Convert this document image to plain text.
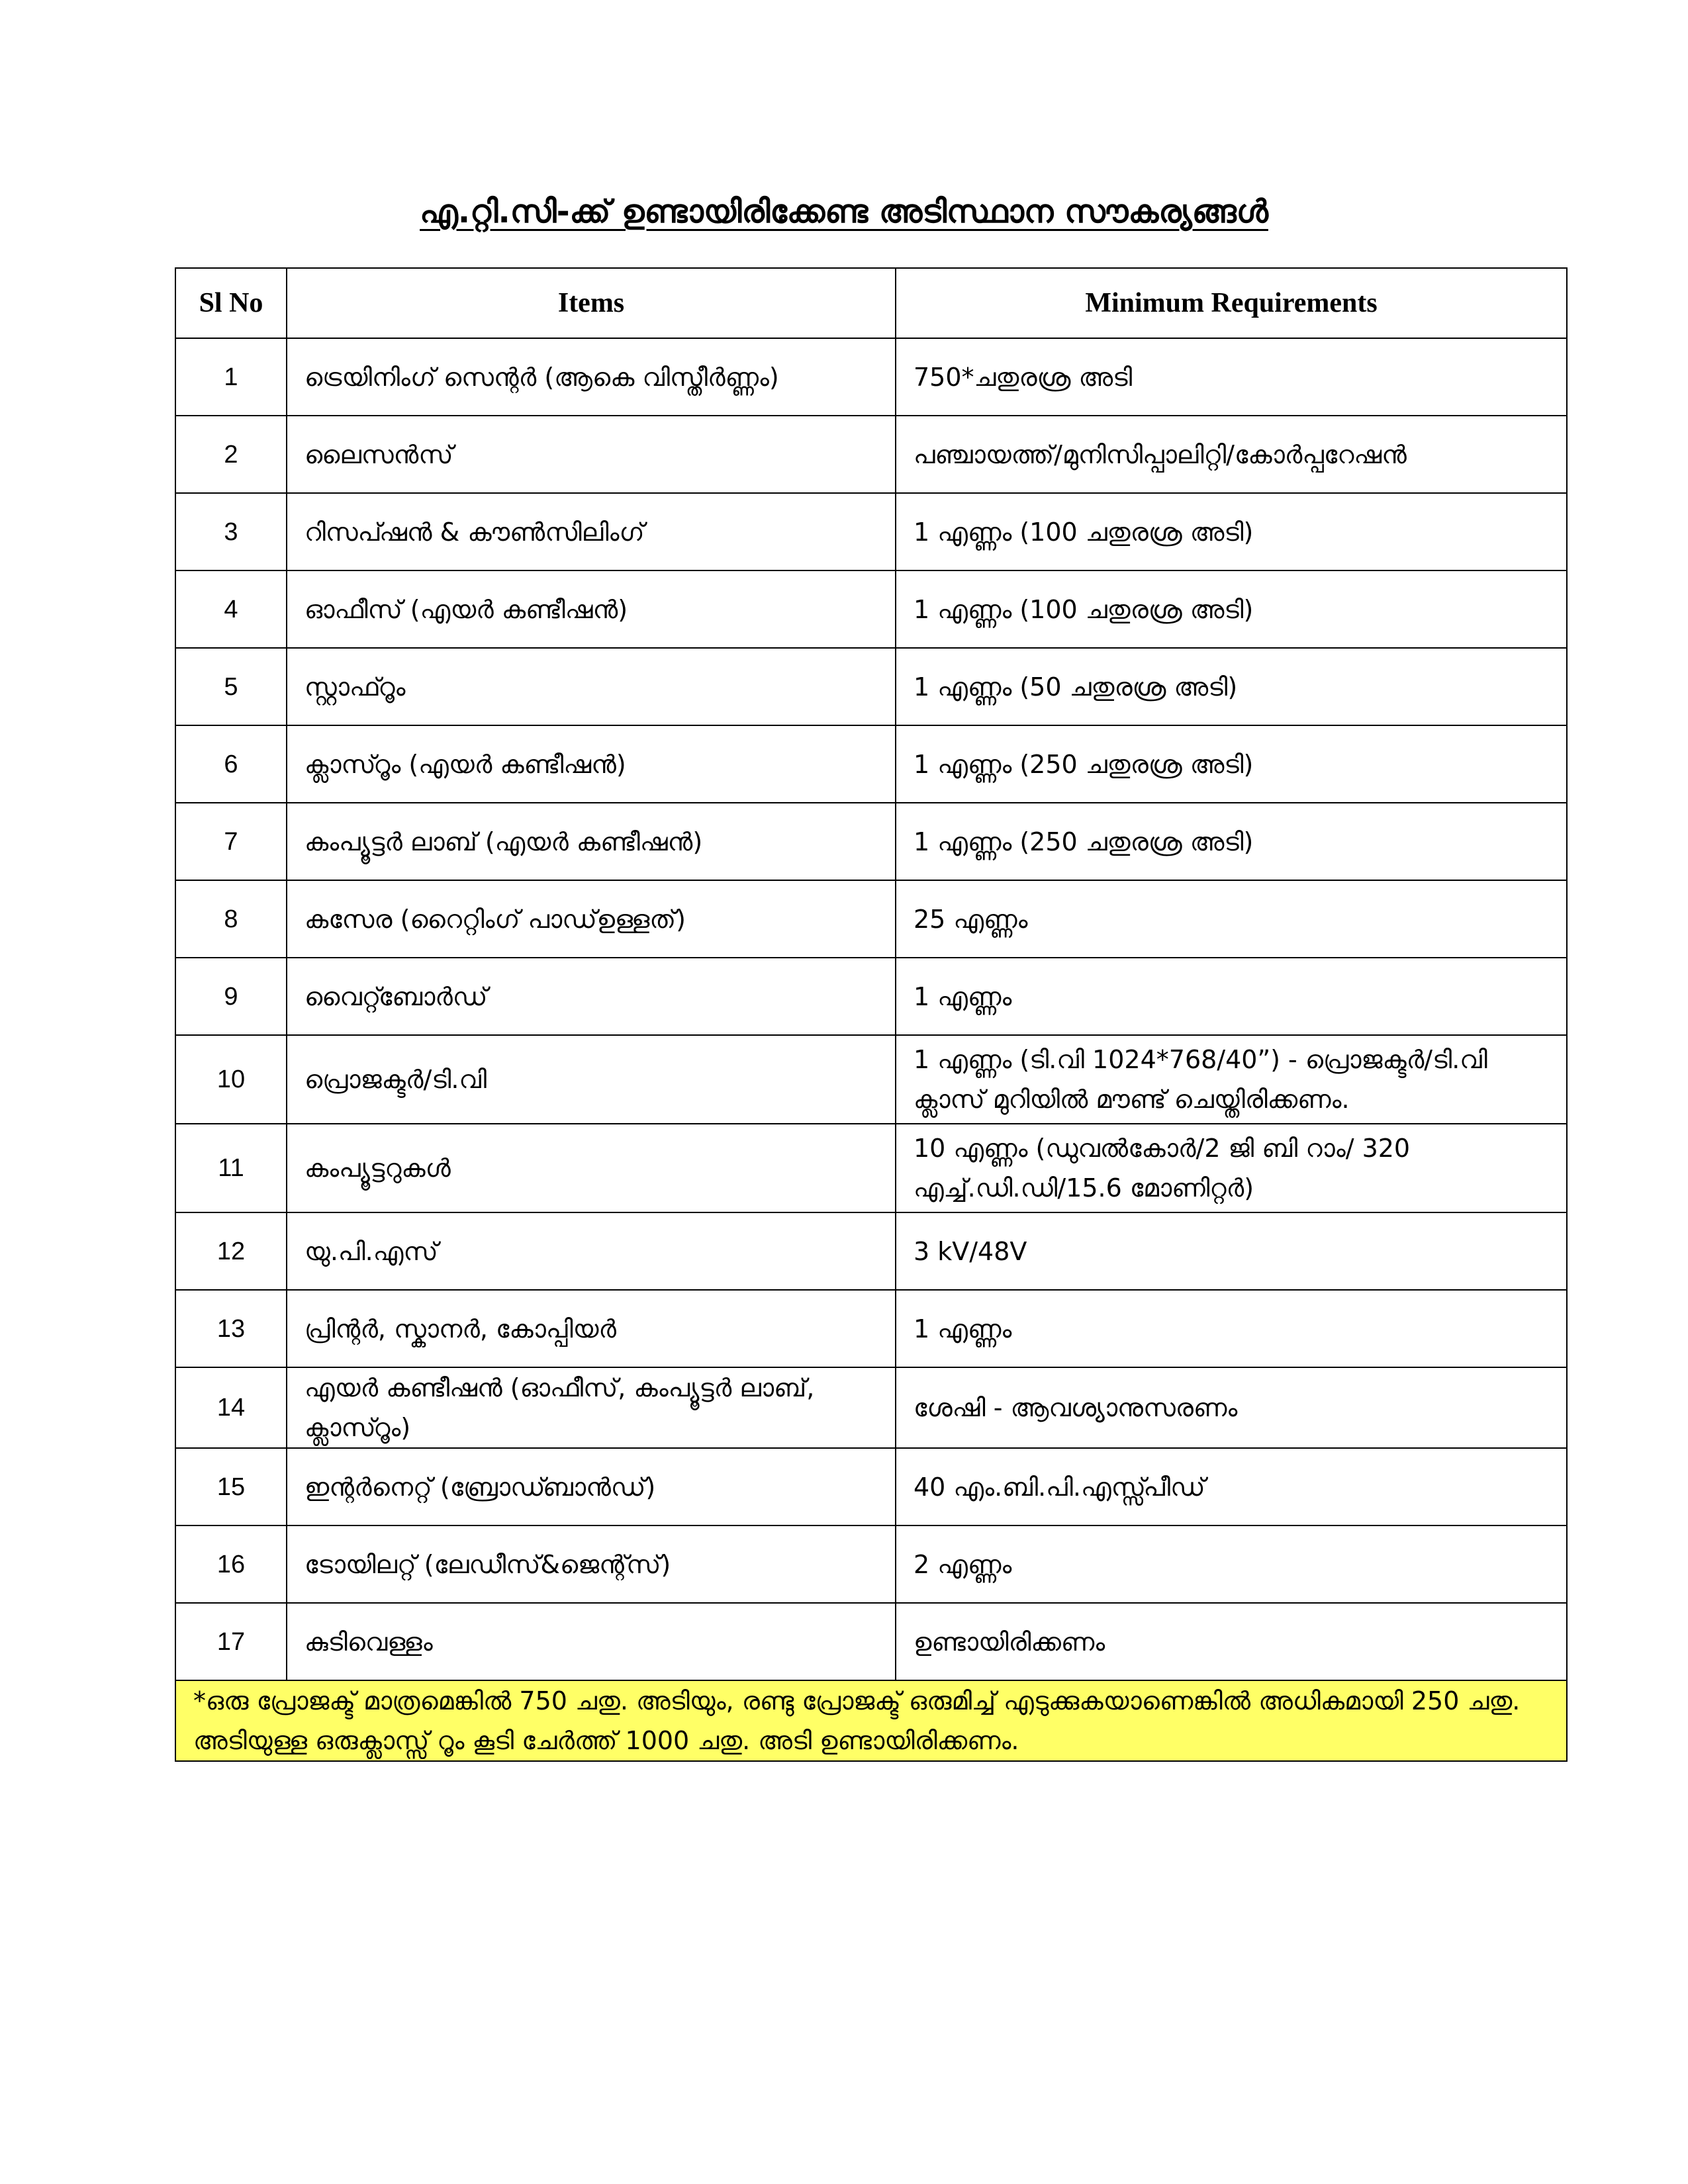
എ.റ്റി.സി-ക്ക് ഉണ്ടായിരിക്കേണ്ട അടിസ്ഥാന സൗകര്യങ്ങൾ
Sl No	Items	Minimum Requirements
1	ട്രെയിനിംഗ് സെന്റർ (ആകെ വിസ്തീർണ്ണം)	750*ചതുരശ്ര അടി
2	ലൈസൻസ്	പഞ്ചായത്ത്/മുനിസിപ്പാലിറ്റി/കോർപ്പറേഷൻ
3	റിസപ്ഷൻ & കൗൺസിലിംഗ്	1 എണ്ണം (100 ചതുരശ്ര അടി)
4	ഓഫീസ് (എയർ കണ്ടീഷൻ)	1 എണ്ണം (100 ചതുരശ്ര അടി)
5	സ്റ്റാഫ്റൂം	1 എണ്ണം (50 ചതുരശ്ര അടി)
6	ക്ലാസ്റൂം (എയർ കണ്ടീഷൻ)	1 എണ്ണം (250 ചതുരശ്ര അടി)
7	കംപ്യൂട്ടർ ലാബ് (എയർ കണ്ടീഷൻ)	1 എണ്ണം (250 ചതുരശ്ര അടി)
8	കസേര (റൈറ്റിംഗ് പാഡ്ഉള്ളത്)	25 എണ്ണം
9	വൈറ്റ്ബോർഡ്	1 എണ്ണം
10	പ്രൊജക്ടർ/ടി.വി	1 എണ്ണം (ടി.വി 1024*768/40”) - പ്രൊജക്ടർ/ടി.വി ക്ലാസ് മുറിയിൽ മൗണ്ട് ചെയ്തിരിക്കണം.
11	കംപ്യൂട്ടറുകൾ	10 എണ്ണം (ഡുവൽകോർ/2 ജി ബി റാം/ 320 എച്ച്.ഡി.ഡി/15.6 മോണിറ്റർ)
12	യു.പി.എസ്	3 kV/48V
13	പ്രിന്റർ, സ്കാനർ, കോപ്പിയർ	1 എണ്ണം
14	എയർ കണ്ടീഷൻ (ഓഫീസ്, കംപ്യൂട്ടർ ലാബ്, ക്ലാസ്റൂം)	ശേഷി - ആവശ്യാനുസരണം
15	ഇന്റർനെറ്റ് (ബ്രോഡ്ബാൻഡ്)	40 എം.ബി.പി.എസ്സ്പീഡ്
16	ടോയിലറ്റ് (ലേഡീസ്&ജെന്റ്സ്)	2 എണ്ണം
17	കുടിവെള്ളം	ഉണ്ടായിരിക്കണം
*ഒരു പ്രോജക്ട് മാത്രമെങ്കിൽ 750 ചതു. അടിയും, രണ്ടു പ്രോജക്ട് ഒരുമിച്ച് എടുക്കുകയാണെങ്കിൽ അധികമായി 250 ചതു. അടിയുള്ള ഒരുക്ലാസ്സ് റൂം കൂടി ചേർത്ത് 1000 ചതു. അടി ഉണ്ടായിരിക്കണം.		
